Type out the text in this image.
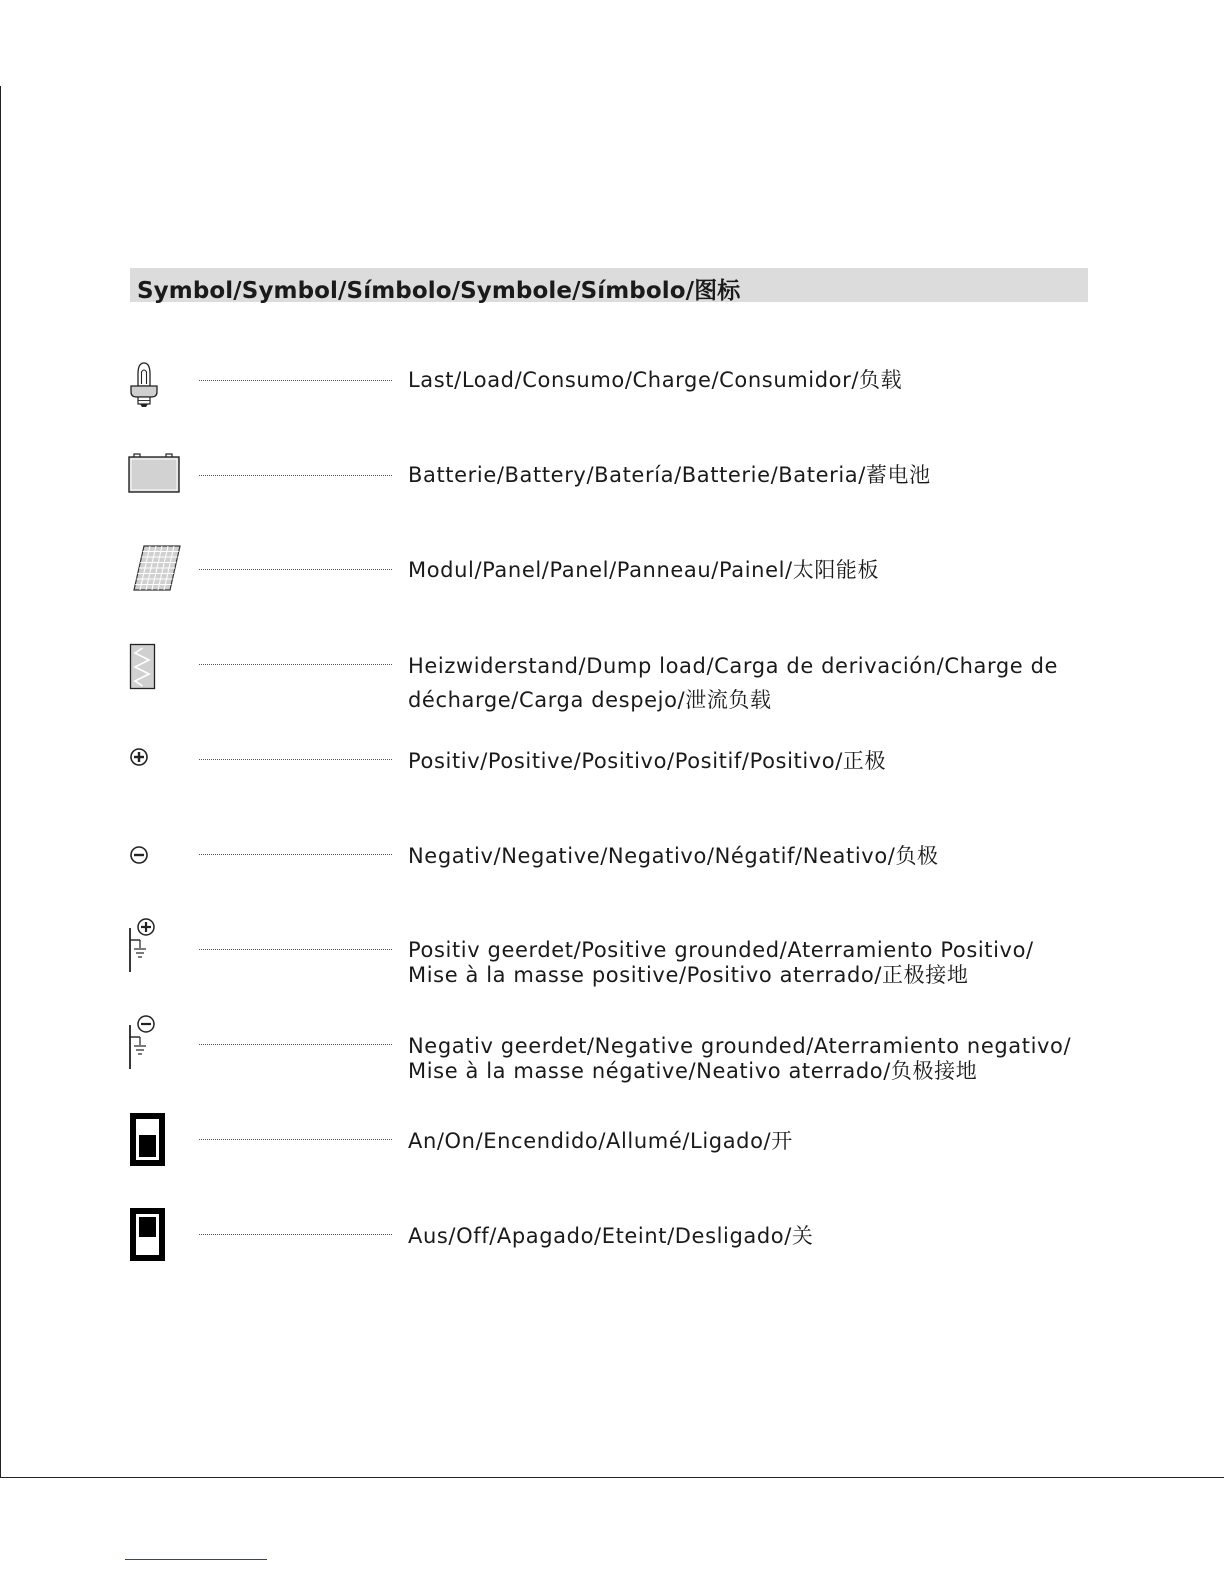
Symbol/Symbol/Símbolo/Symbole/Símbolo/图标
Last/Load/Consumo/Charge/Consumidor/负载
Batterie/Battery/Batería/Batterie/Bateria/蓄电池
Modul/Panel/Panel/Panneau/Painel/太阳能板
Heizwiderstand/Dump load/Carga de derivación/Charge de décharge/Carga despejo/泄流负载
Positiv/Positive/Positivo/Positif/Positivo/正极
Negativ/Negative/Negativo/Négatif/Neativo/负极
Positiv geerdet/Positive grounded/Aterramiento Positivo/ Mise à la masse positive/Positivo aterrado/正极接地
Negativ geerdet/Negative grounded/Aterramiento negativo/ Mise à la masse négative/Neativo aterrado/负极接地
An/On/Encendido/Allumé/Ligado/开
Aus/Off/Apagado/Eteint/Desligado/关
